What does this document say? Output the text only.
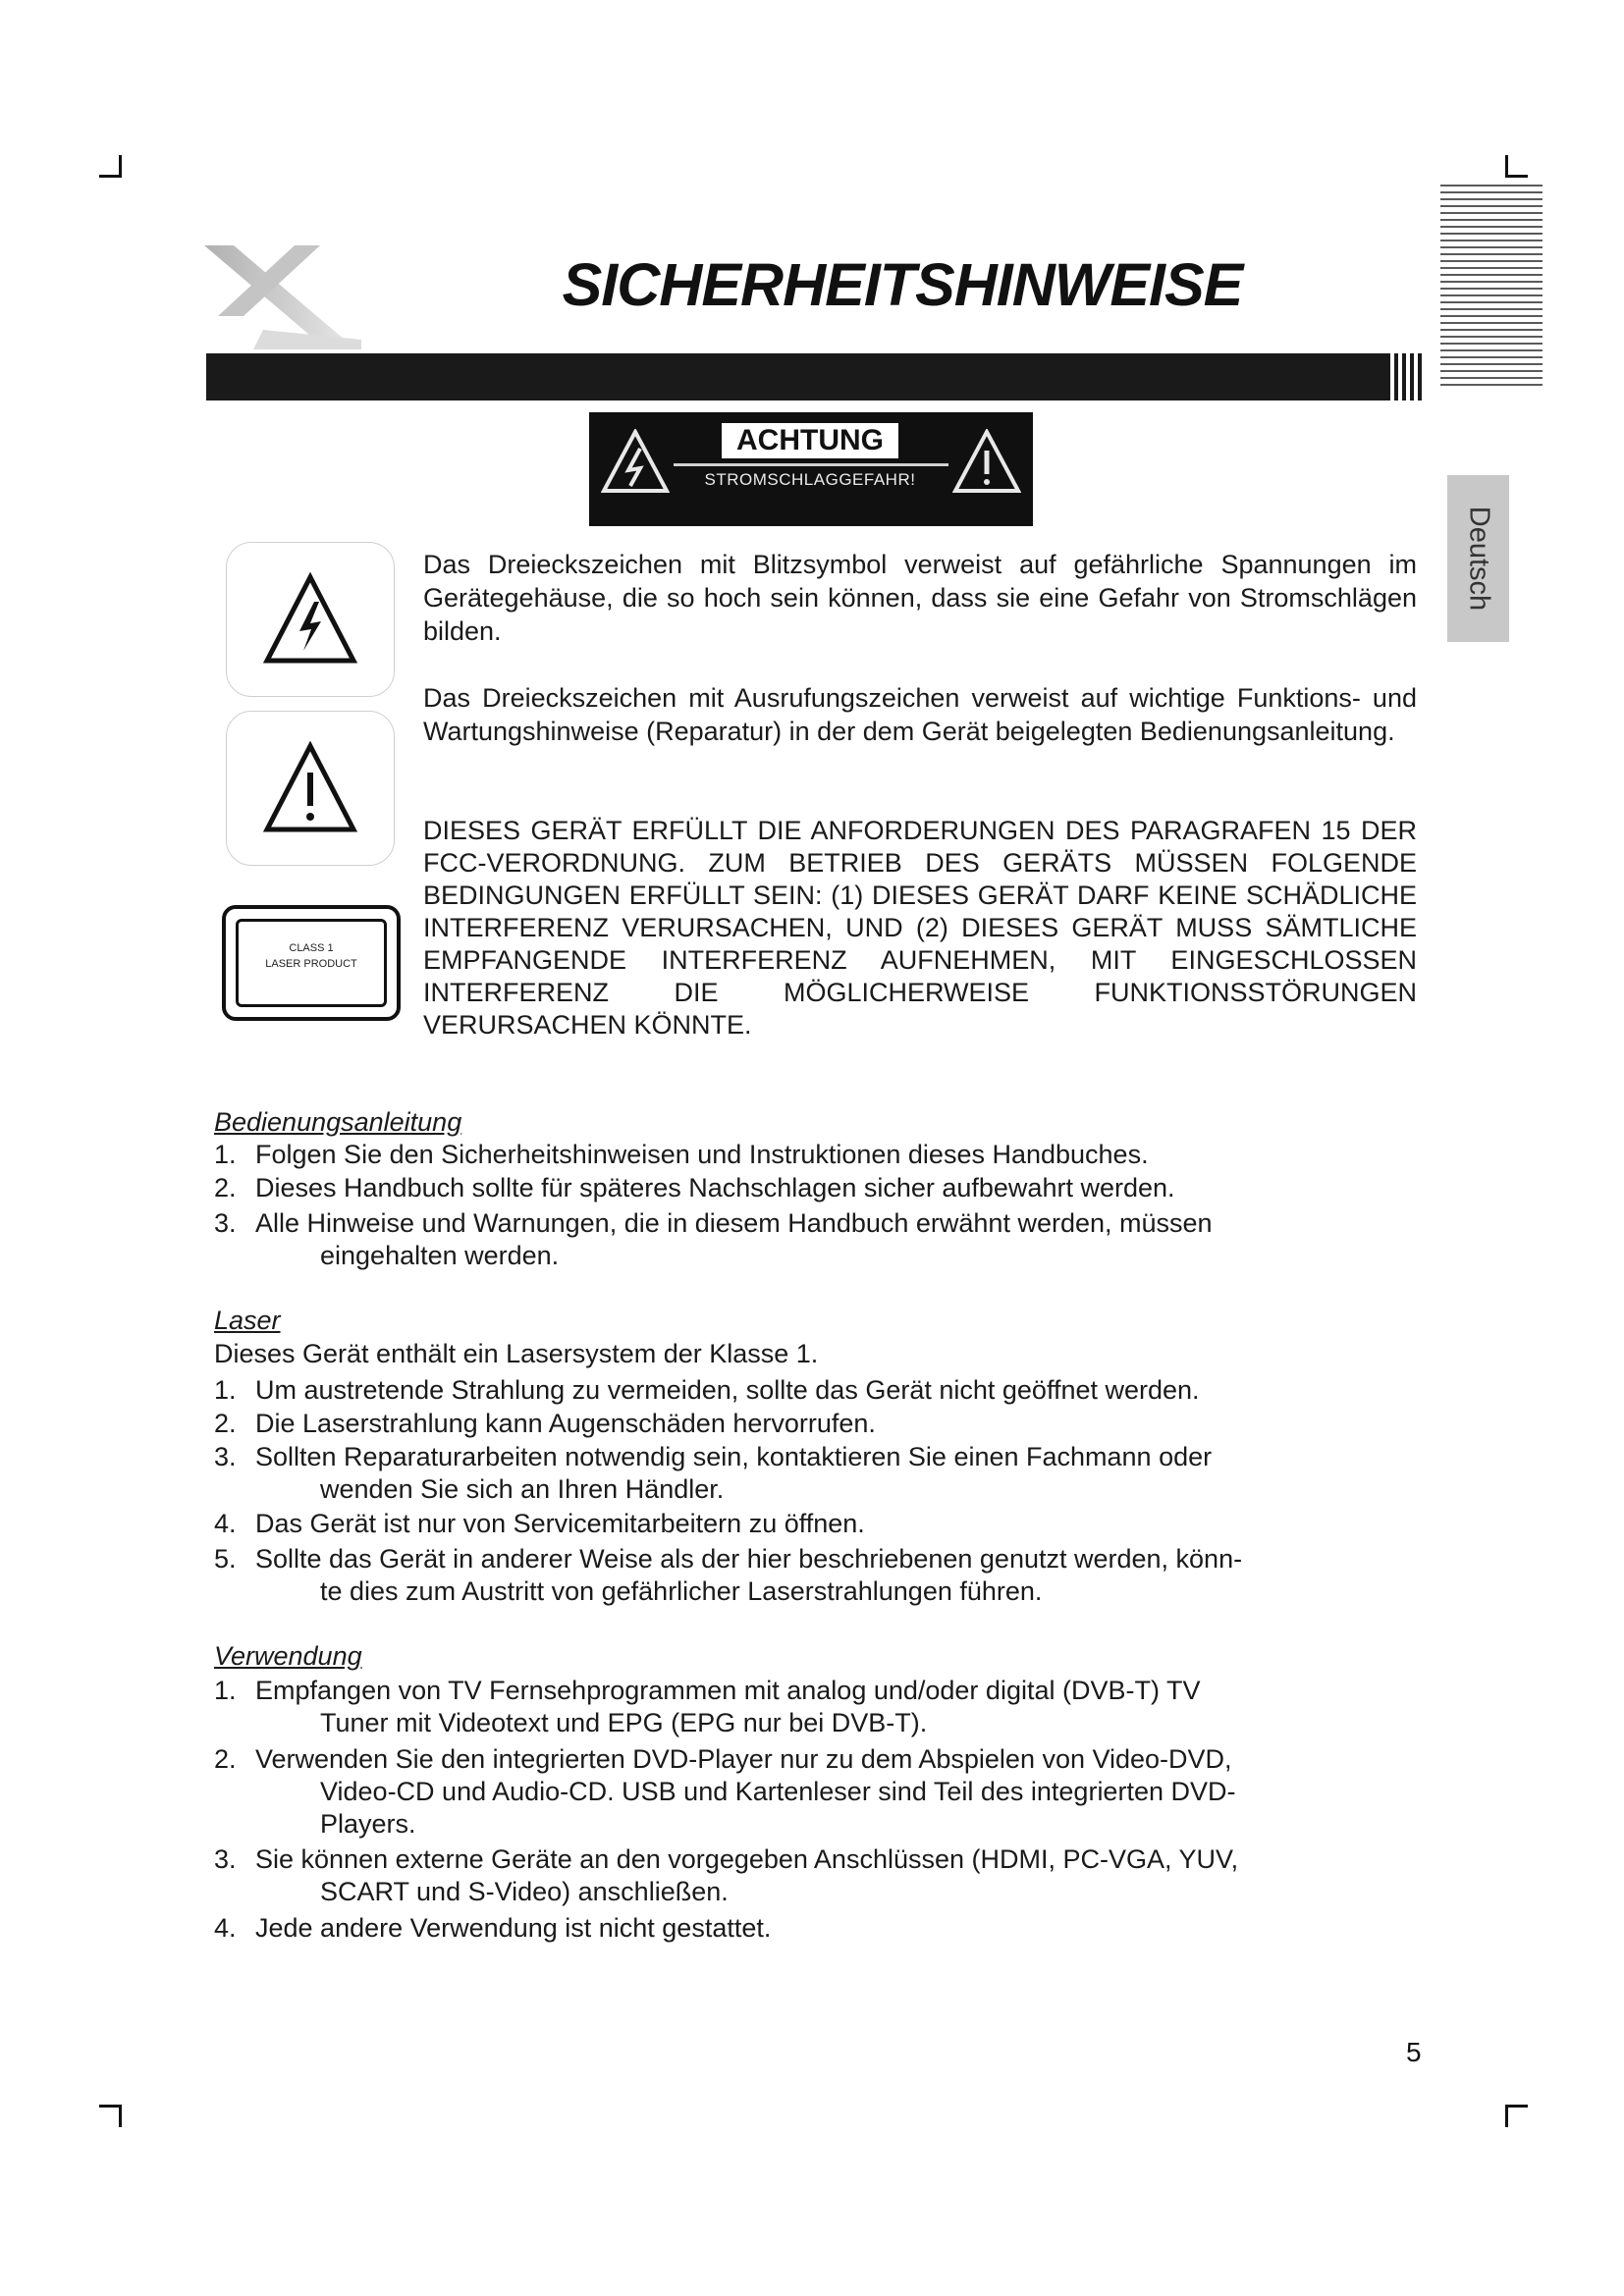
SICHERHEITSHINWEISE
Deutsch
ACHTUNG
STROMSCHLAGGEFAHR!
CLASS 1
LASER PRODUCT
Das Dreieckszeichen mit Blitzsymbol verweist auf gefährliche Spannungen im Gerätegehäuse, die so hoch sein können, dass sie eine Gefahr von Stromschlägen bilden.
Das Dreieckszeichen mit Ausrufungszeichen verweist auf wichtige Funktions- und Wartungshinweise (Reparatur) in der dem Gerät beigelegten Bedienungsanleitung.
DIESES GERÄT ERFÜLLT DIE ANFORDERUNGEN DES PARAGRAFEN 15 DER FCC-VERORDNUNG. ZUM BETRIEB DES GERÄTS MÜSSEN FOLGENDE BEDINGUNGEN ERFÜLLT SEIN: (1) DIESES GERÄT DARF KEINE SCHÄDLICHE INTERFERENZ VERURSACHEN, UND (2) DIESES GERÄT MUSS SÄMTLICHE EMPFANGENDE INTERFERENZ AUFNEHMEN, MIT EINGESCHLOSSEN INTERFERENZ DIE MÖGLICHERWEISE FUNKTIONSSTÖRUNGEN VERURSACHEN KÖNNTE.
Bedienungsanleitung
1. Folgen Sie den Sicherheitshinweisen und Instruktionen dieses Handbuches.
2. Dieses Handbuch sollte für späteres Nachschlagen sicher aufbewahrt werden.
3. Alle Hinweise und Warnungen, die in diesem Handbuch erwähnt werden, müssen
eingehalten werden.
Laser
Dieses Gerät enthält ein Lasersystem der Klasse 1.
1. Um austretende Strahlung zu vermeiden, sollte das Gerät nicht geöffnet werden.
2. Die Laserstrahlung kann Augenschäden hervorrufen.
3. Sollten Reparaturarbeiten notwendig sein, kontaktieren Sie einen Fachmann oder
wenden Sie sich an Ihren Händler.
4. Das Gerät ist nur von Servicemitarbeitern zu öffnen.
5. Sollte das Gerät in anderer Weise als der hier beschriebenen genutzt werden, könn-
te dies zum Austritt von gefährlicher Laserstrahlungen führen.
Verwendung
1. Empfangen von TV Fernsehprogrammen mit analog und/oder digital (DVB-T) TV
Tuner mit Videotext und EPG (EPG nur bei DVB-T).
2. Verwenden Sie den integrierten DVD-Player nur zu dem Abspielen von Video-DVD,
Video-CD und Audio-CD. USB und Kartenleser sind Teil des integrierten DVD-
Players.
3. Sie können externe Geräte an den vorgegeben Anschlüssen (HDMI, PC-VGA, YUV,
SCART und S-Video) anschließen.
4. Jede andere Verwendung ist nicht gestattet.
5
